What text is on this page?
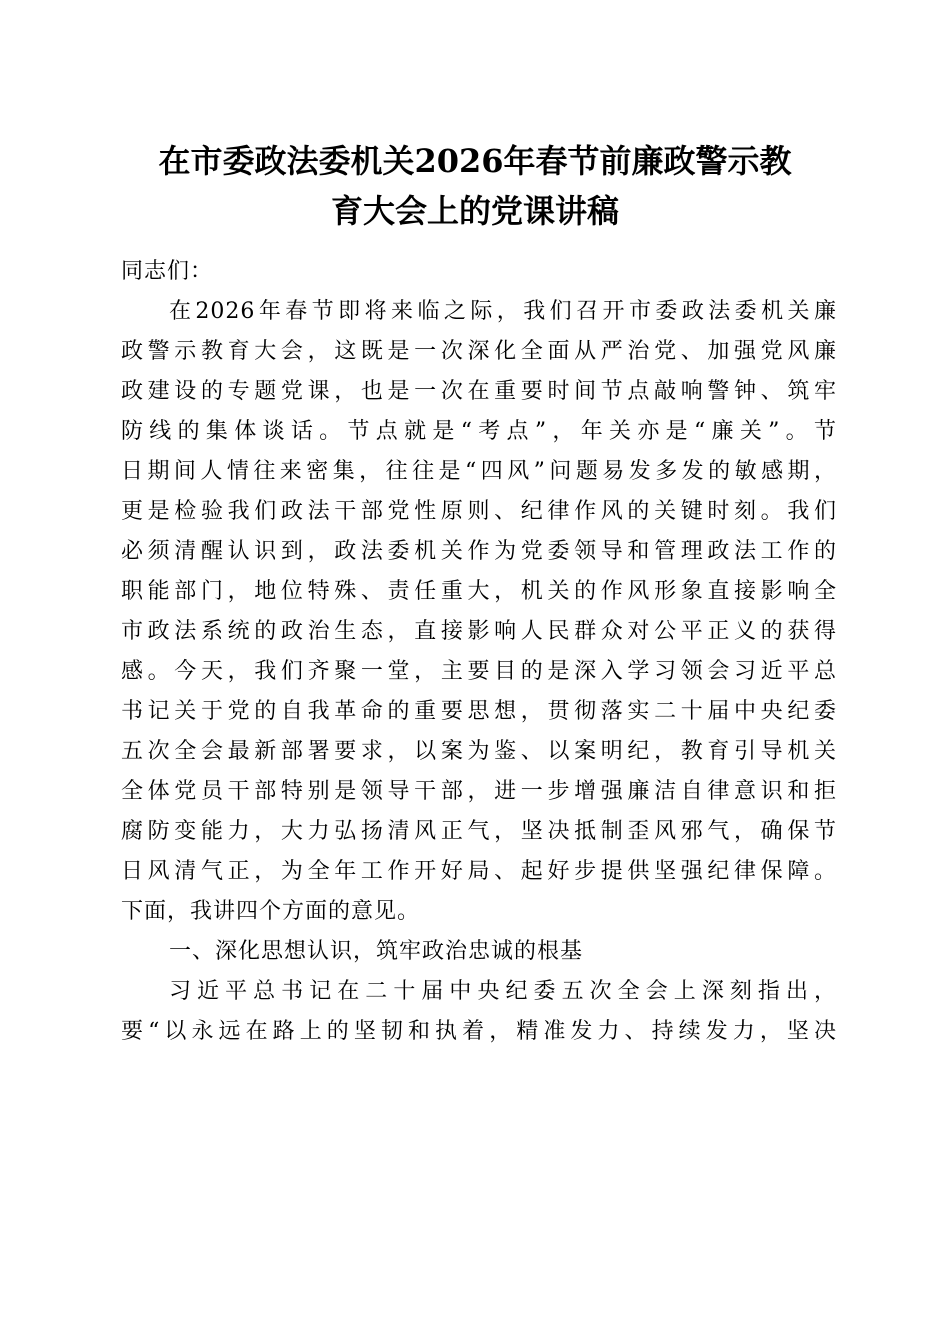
在市委政法委机关2026年春节前廉政警示教
育大会上的党课讲稿
同志们：
在2026年春节即将来临之际，我们召开市委政法委机关廉
政警示教育大会，这既是一次深化全面从严治党、加强党风廉
政建设的专题党课，也是一次在重要时间节点敲响警钟、筑牢
防线的集体谈话。节点就是“考点”，年关亦是“廉关”。节
日期间人情往来密集，往往是“四风”问题易发多发的敏感期，
更是检验我们政法干部党性原则、纪律作风的关键时刻。我们
必须清醒认识到，政法委机关作为党委领导和管理政法工作的
职能部门，地位特殊、责任重大，机关的作风形象直接影响全
市政法系统的政治生态，直接影响人民群众对公平正义的获得
感。今天，我们齐聚一堂，主要目的是深入学习领会习近平总
书记关于党的自我革命的重要思想，贯彻落实二十届中央纪委
五次全会最新部署要求，以案为鉴、以案明纪，教育引导机关
全体党员干部特别是领导干部，进一步增强廉洁自律意识和拒
腐防变能力，大力弘扬清风正气，坚决抵制歪风邪气，确保节
日风清气正，为全年工作开好局、起好步提供坚强纪律保障。
下面，我讲四个方面的意见。
一、深化思想认识，筑牢政治忠诚的根基
习近平总书记在二十届中央纪委五次全会上深刻指出，
要“以永远在路上的坚韧和执着，精准发力、持续发力，坚决
